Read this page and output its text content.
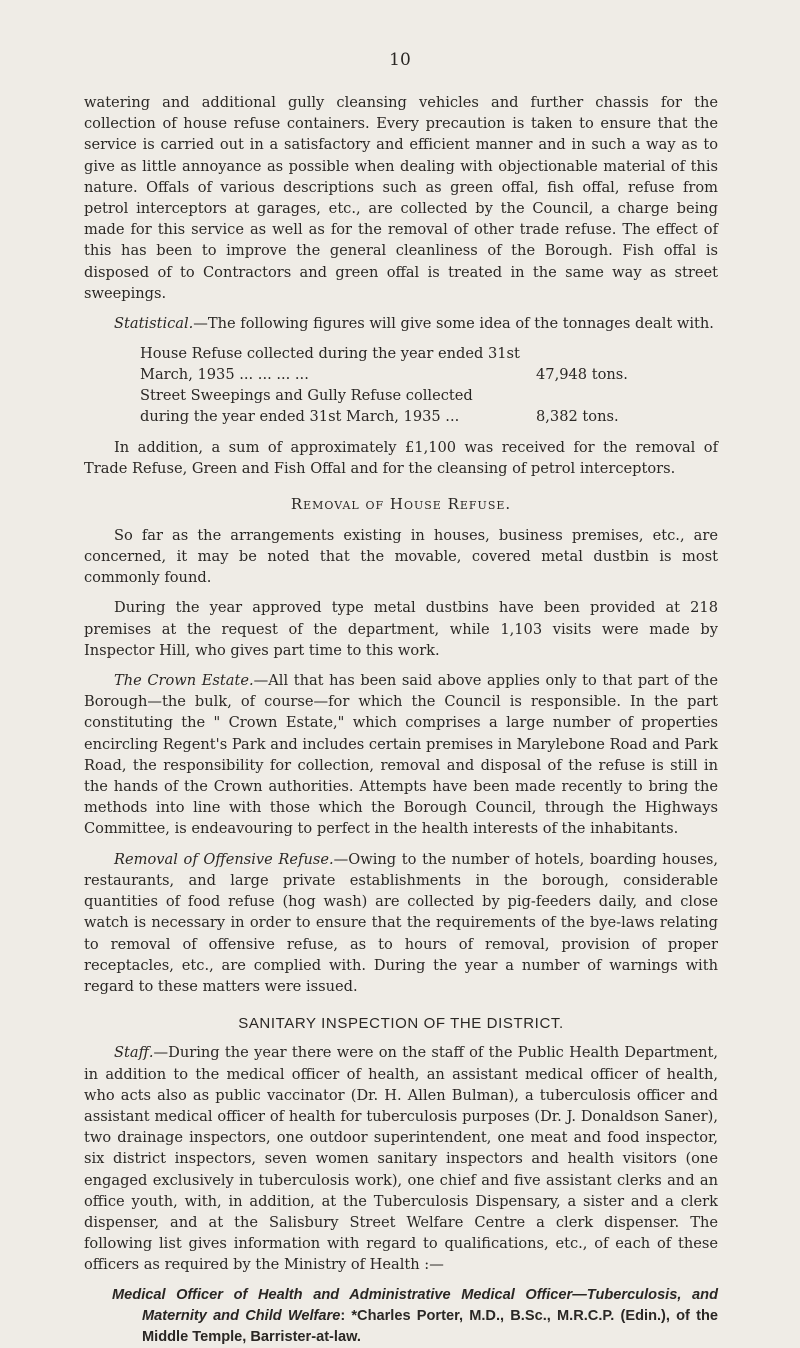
10

watering and additional gully cleansing vehicles and further chassis for the collection of house refuse containers. Every precaution is taken to ensure that the service is carried out in a satisfactory and efficient manner and in such a way as to give as little annoyance as possible when dealing with objectionable material of this nature. Offals of various descriptions such as green offal, fish offal, refuse from petrol interceptors at garages, etc., are collected by the Council, a charge being made for this service as well as for the removal of other trade refuse. The effect of this has been to improve the general cleanliness of the Borough. Fish offal is disposed of to Contractors and green offal is treated in the same way as street sweepings.

Statistical.—The following figures will give some idea of the tonnages dealt with.

House Refuse collected during the year ended 31st March, 1935 ... ... ... ...	47,948 tons.
Street Sweepings and Gully Refuse collected during the year ended 31st March, 1935 ...	8,382 tons.

In addition, a sum of approximately £1,100 was received for the removal of Trade Refuse, Green and Fish Offal and for the cleansing of petrol interceptors.

Removal of House Refuse.

So far as the arrangements existing in houses, business premises, etc., are concerned, it may be noted that the movable, covered metal dustbin is most commonly found.

During the year approved type metal dustbins have been provided at 218 premises at the request of the department, while 1,103 visits were made by Inspector Hill, who gives part time to this work.

The Crown Estate.—All that has been said above applies only to that part of the Borough—the bulk, of course—for which the Council is responsible. In the part constituting the " Crown Estate," which comprises a large number of properties encircling Regent's Park and includes certain premises in Marylebone Road and Park Road, the responsibility for collection, removal and disposal of the refuse is still in the hands of the Crown authorities. Attempts have been made recently to bring the methods into line with those which the Borough Council, through the Highways Committee, is endeavouring to perfect in the health interests of the inhabitants.

Removal of Offensive Refuse.—Owing to the number of hotels, boarding houses, restaurants, and large private establishments in the borough, considerable quantities of food refuse (hog wash) are collected by pig-feeders daily, and close watch is necessary in order to ensure that the requirements of the bye-laws relating to removal of offensive refuse, as to hours of removal, provision of proper receptacles, etc., are complied with. During the year a number of warnings with regard to these matters were issued.

SANITARY INSPECTION OF THE DISTRICT.

Staff.—During the year there were on the staff of the Public Health Department, in addition to the medical officer of health, an assistant medical officer of health, who acts also as public vaccinator (Dr. H. Allen Bulman), a tuberculosis officer and assistant medical officer of health for tuberculosis purposes (Dr. J. Donaldson Saner), two drainage inspectors, one outdoor superintendent, one meat and food inspector, six district inspectors, seven women sanitary inspectors and health visitors (one engaged exclusively in tuberculosis work), one chief and five assistant clerks and an office youth, with, in addition, at the Tuberculosis Dispensary, a sister and a clerk dispenser, and at the Salisbury Street Welfare Centre a clerk dispenser. The following list gives information with regard to qualifications, etc., of each of these officers as required by the Ministry of Health :—

Medical Officer of Health and Administrative Medical Officer—Tuberculosis, and Maternity and Child Welfare: *Charles Porter, M.D., B.Sc., M.R.C.P. (Edin.), of the Middle Temple, Barrister-at-law.
